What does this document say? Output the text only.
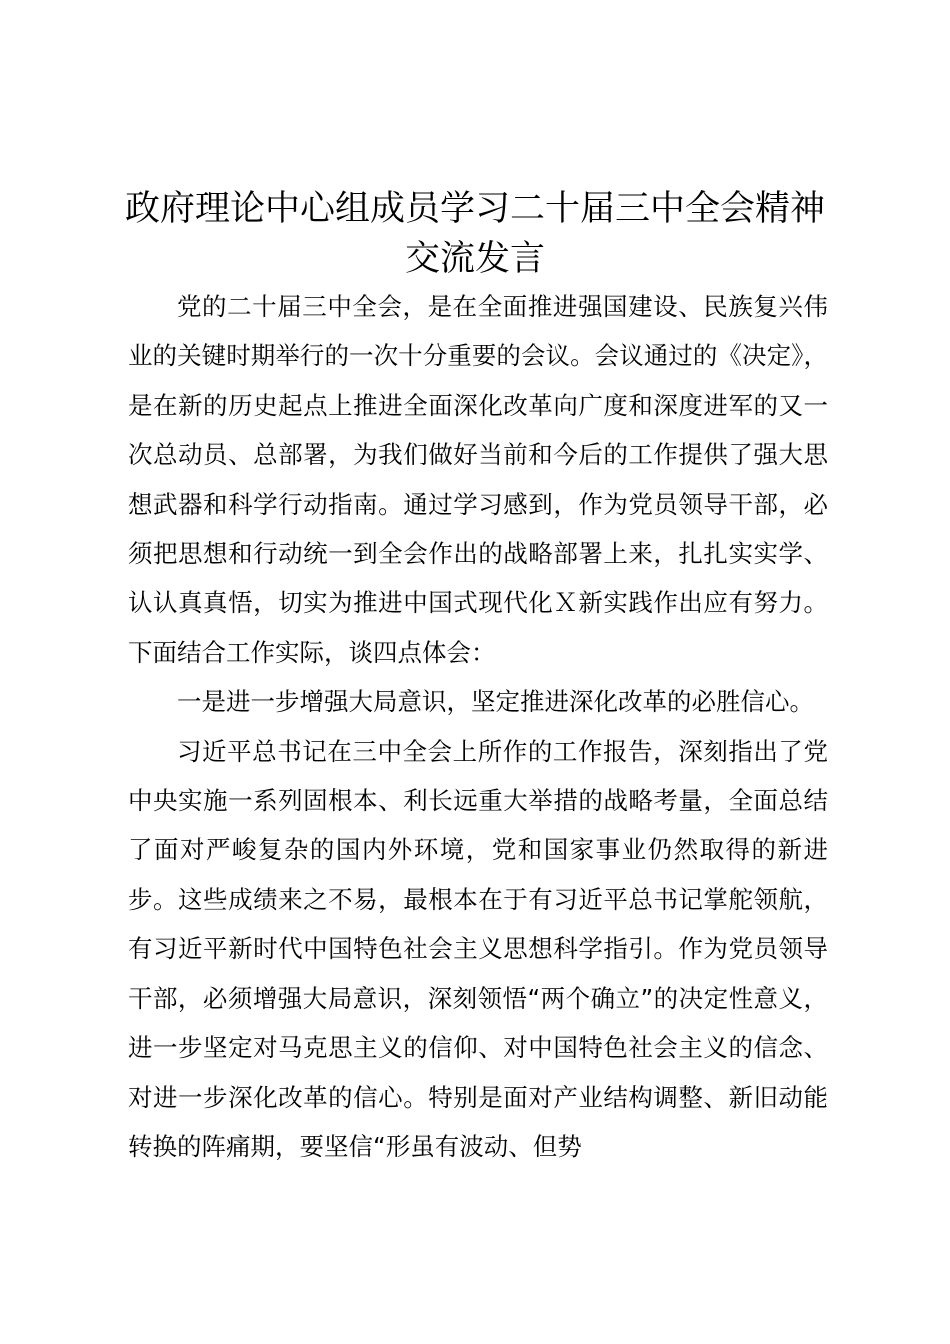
政府理论中心组成员学习二十届三中全会精神
交流发言

党的二十届三中全会，是在全面推进强国建设、民族复兴伟业的关键时期举行的一次十分重要的会议。会议通过的《决定》，是在新的历史起点上推进全面深化改革向广度和深度进军的又一次总动员、总部署，为我们做好当前和今后的工作提供了强大思想武器和科学行动指南。通过学习感到，作为党员领导干部，必须把思想和行动统一到全会作出的战略部署上来，扎扎实实学、认认真真悟，切实为推进中国式现代化Ｘ新实践作出应有努力。下面结合工作实际，谈四点体会：

一是进一步增强大局意识，坚定推进深化改革的必胜信心。

习近平总书记在三中全会上所作的工作报告，深刻指出了党中央实施一系列固根本、利长远重大举措的战略考量，全面总结了面对严峻复杂的国内外环境，党和国家事业仍然取得的新进步。这些成绩来之不易，最根本在于有习近平总书记掌舵领航，有习近平新时代中国特色社会主义思想科学指引。作为党员领导干部，必须增强大局意识，深刻领悟“两个确立”的决定性意义，进一步坚定对马克思主义的信仰、对中国特色社会主义的信念、对进一步深化改革的信心。特别是面对产业结构调整、新旧动能转换的阵痛期，要坚信“形虽有波动、但势
